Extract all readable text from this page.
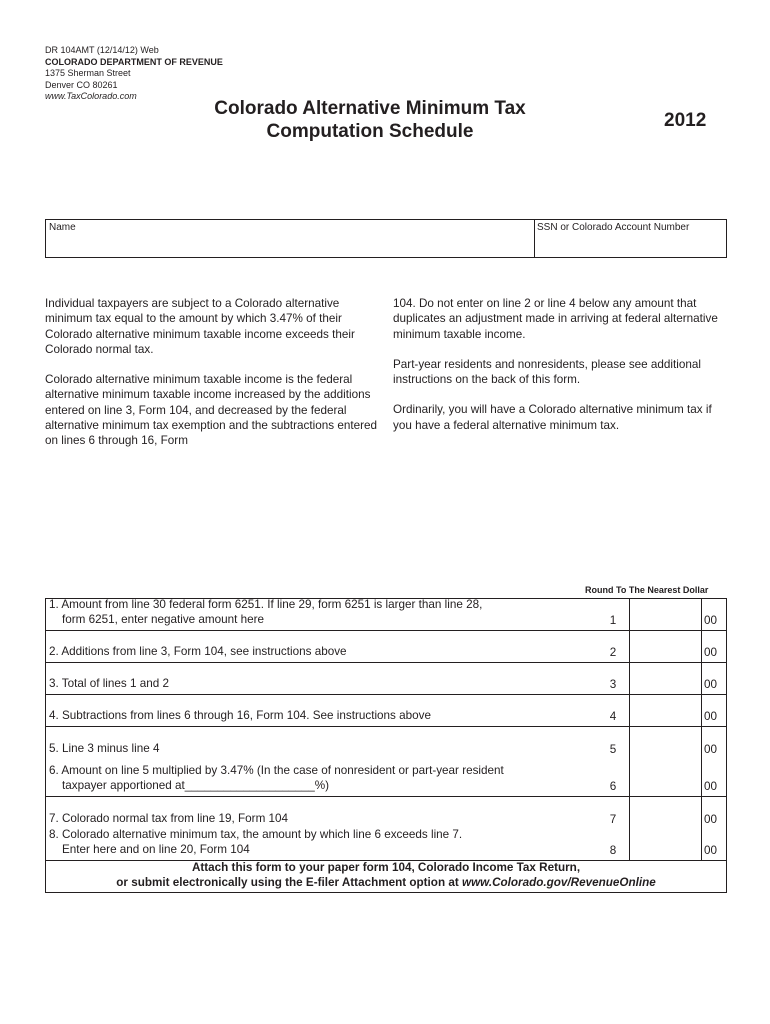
DR 104AMT (12/14/12) Web
COLORADO DEPARTMENT OF REVENUE
1375 Sherman Street
Denver CO 80261
www.TaxColorado.com
Colorado Alternative Minimum Tax
Computation Schedule
2012
Name	SSN or Colorado Account Number

Individual taxpayers are subject to a Colorado alternative minimum tax equal to the amount by which 3.47% of their Colorado alternative minimum taxable income exceeds their Colorado normal tax.

Colorado alternative minimum taxable income is the federal alternative minimum taxable income increased by the additions entered on line 3, Form 104, and decreased by the federal alternative minimum tax exemption and the subtractions entered on lines 6 through 16, Form

104. Do not enter on line 2 or line 4 below any amount that duplicates an adjustment made in arriving at federal alternative minimum taxable income.

Part-year residents and nonresidents, please see additional instructions on the back of this form.

Ordinarily, you will have a Colorado alternative minimum tax if you have a federal alternative minimum tax.

Round To The Nearest Dollar
1. Amount from line 30 federal form 6251. If line 29, form 6251 is larger than line 28,
form 6251, enter negative amount here	1	00
2. Additions from line 3, Form 104, see instructions above	2	00
3. Total of lines 1 and 2	3	00
4. Subtractions from lines 6 through 16, Form 104. See instructions above	4	00
5. Line 3 minus line 4	5	00
6. Amount on line 5 multiplied by 3.47% (In the case of nonresident or part-year resident
taxpayer apportioned at____________________%)	6	00
7. Colorado normal tax from line 19, Form 104	7	00
8. Colorado alternative minimum tax, the amount by which line 6 exceeds line 7.
Enter here and on line 20, Form 104	8	00
Attach this form to your paper form 104, Colorado Income Tax Return,
or submit electronically using the E-filer Attachment option at www.Colorado.gov/RevenueOnline
